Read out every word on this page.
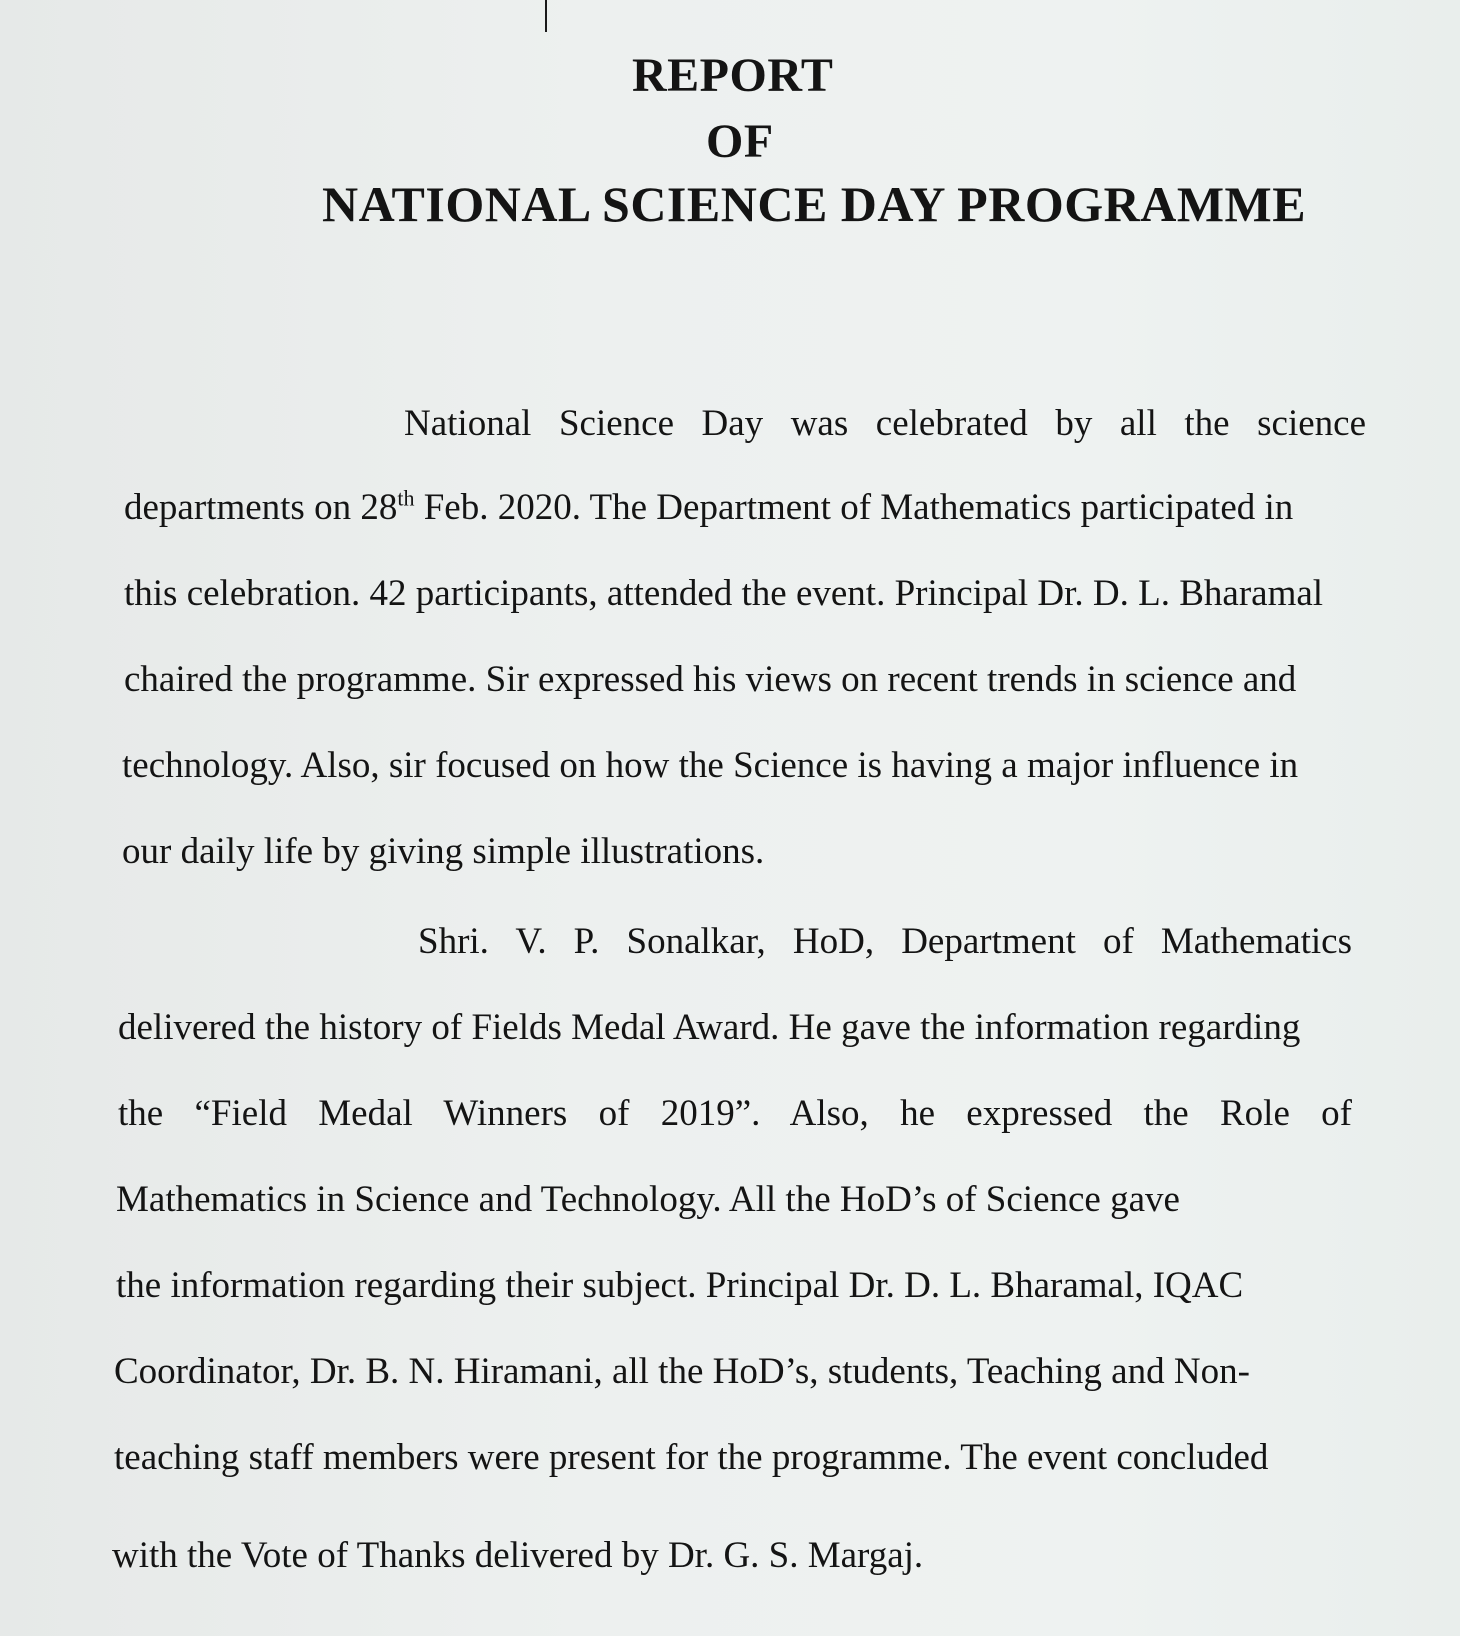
REPORT
OF
NATIONAL SCIENCE DAY PROGRAMME
National Science Day was celebrated by all the science
departments on 28th Feb. 2020. The Department of Mathematics participated in
this celebration. 42 participants, attended the event. Principal Dr. D. L. Bharamal
chaired the programme. Sir expressed his views on recent trends in science and
technology. Also, sir focused on how the Science is having a major influence in
our daily life by giving simple illustrations.
Shri. V. P. Sonalkar, HoD, Department of Mathematics
delivered the history of Fields Medal Award. He gave the information regarding
the “Field Medal Winners of 2019”. Also, he expressed the Role of
Mathematics in Science and Technology. All the HoD’s of Science gave
the information regarding their subject. Principal Dr. D. L. Bharamal, IQAC
Coordinator, Dr. B. N. Hiramani, all the HoD’s, students, Teaching and Non-
teaching staff members were present for the programme. The event concluded
with the Vote of Thanks delivered by Dr. G. S. Margaj.
